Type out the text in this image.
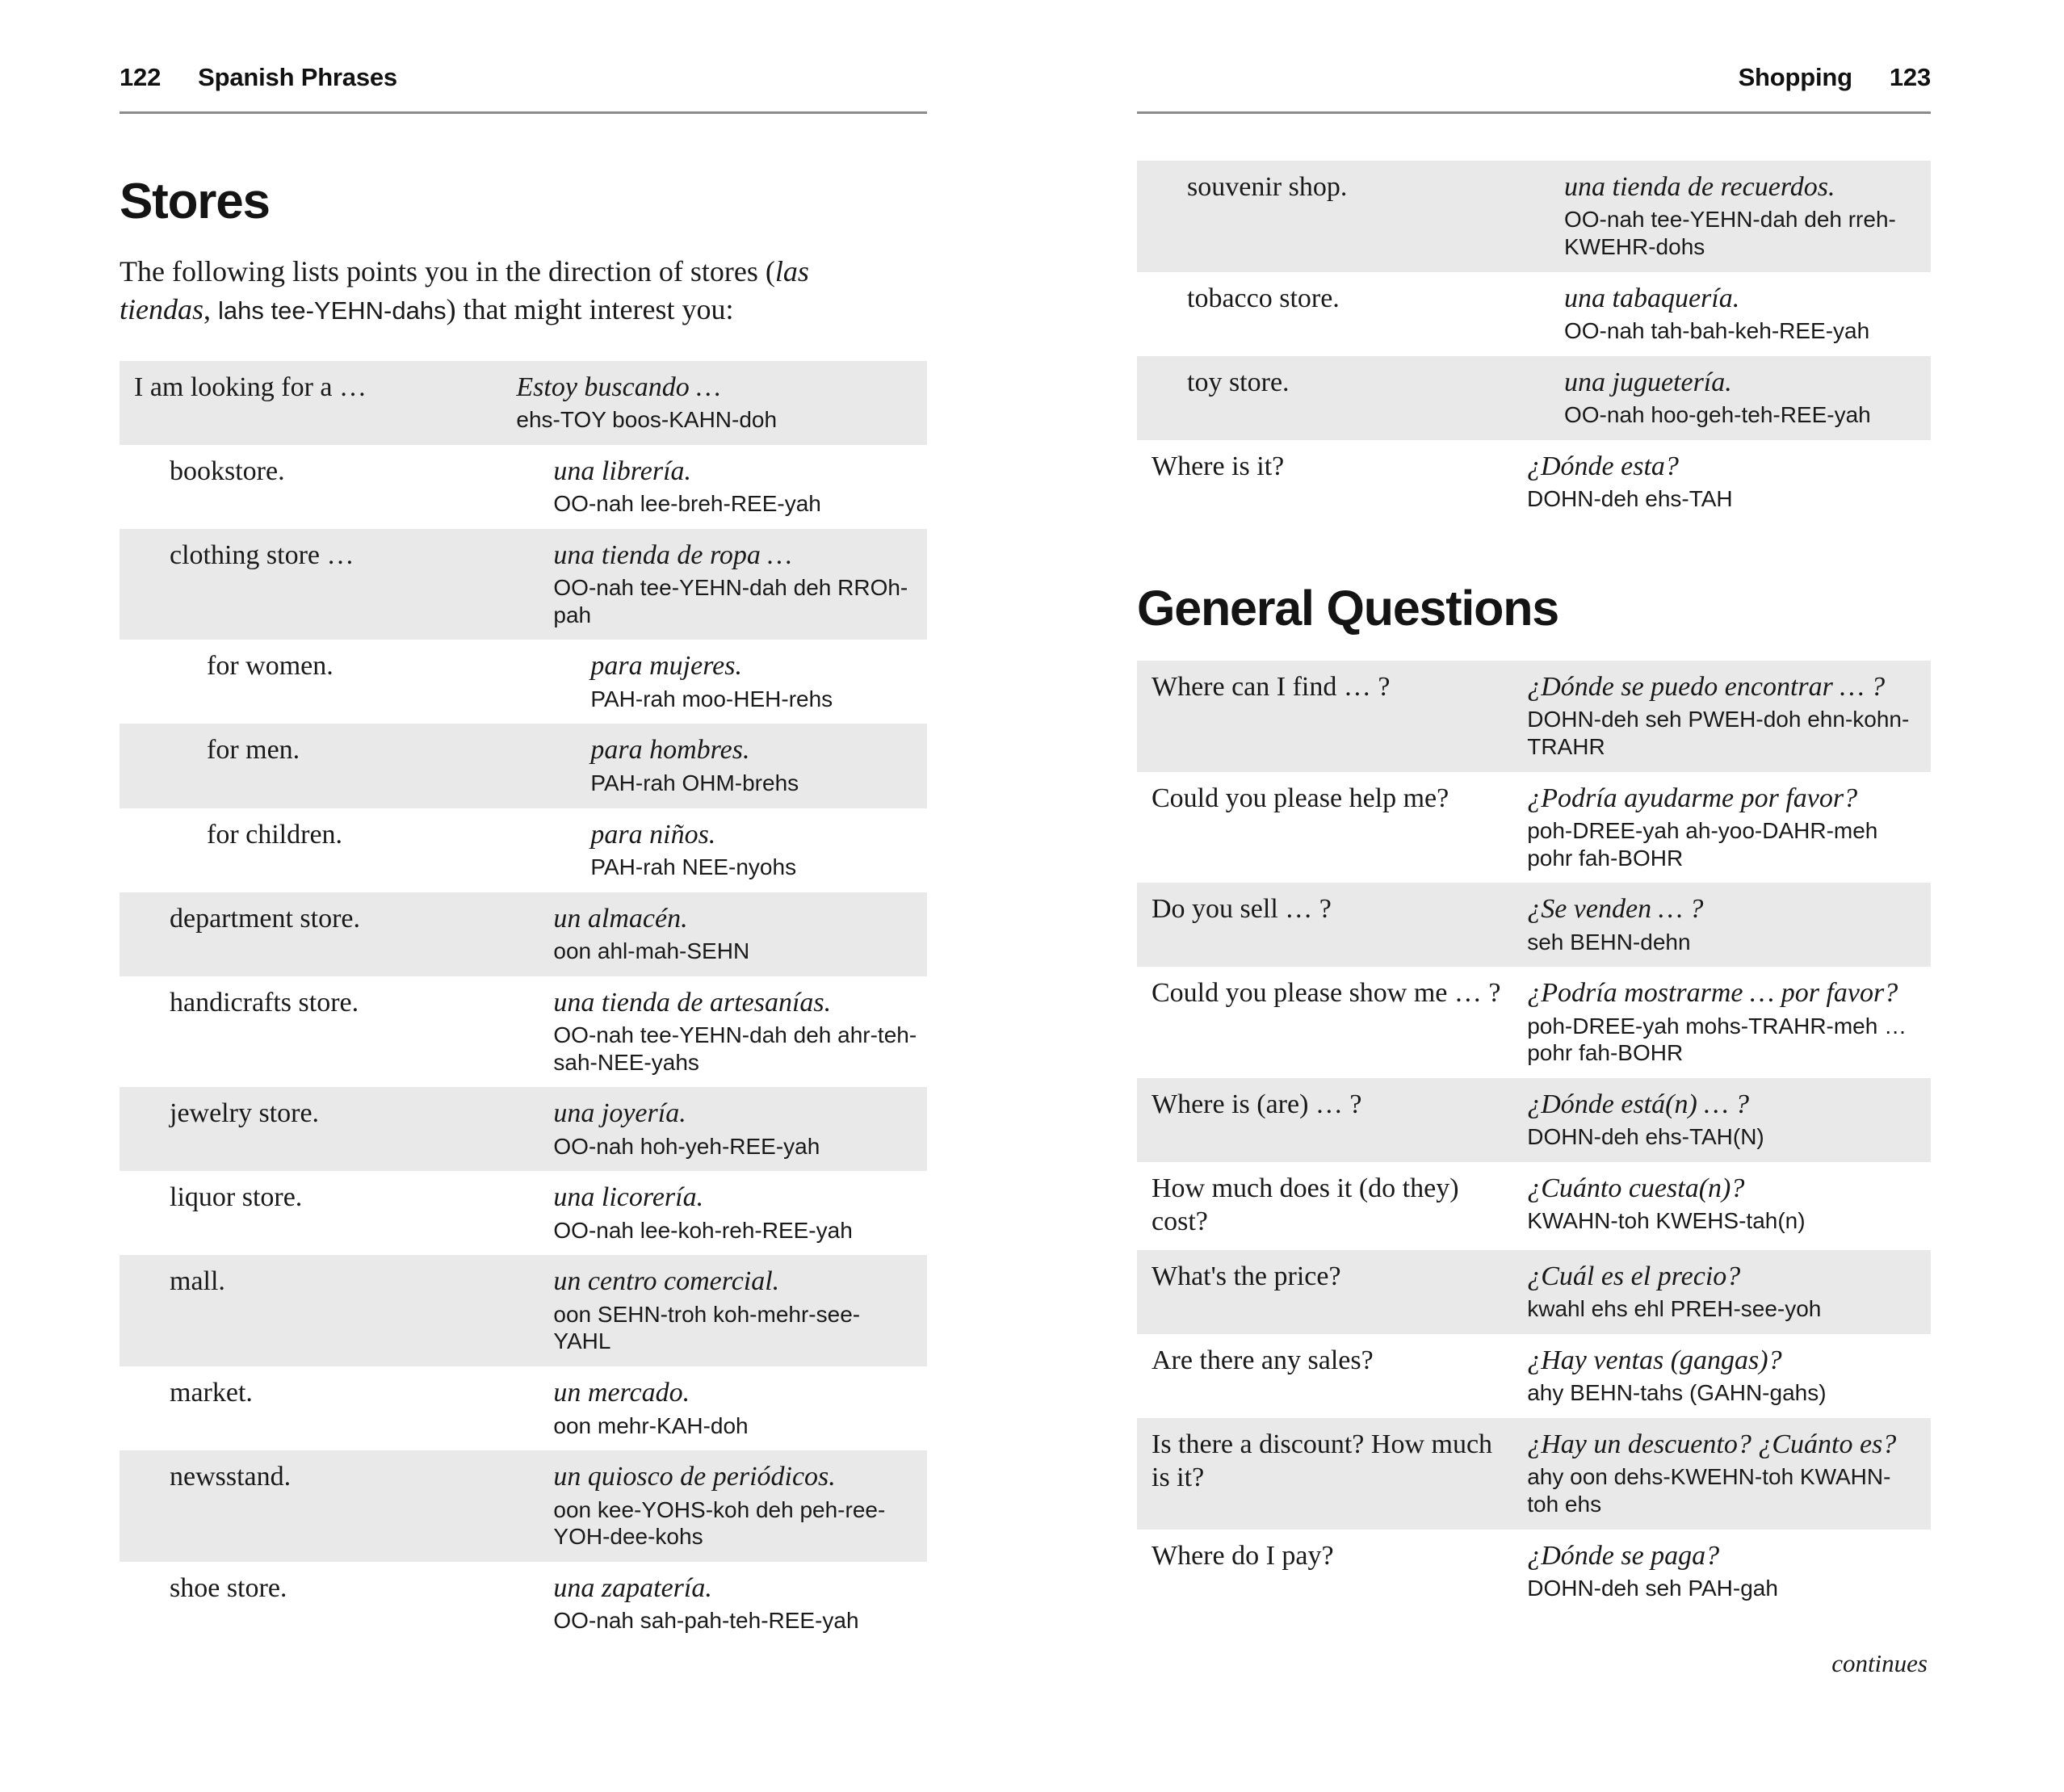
122 Spanish Phrases
Stores

The following lists points you in the direction of stores (las tiendas, lahs tee-YEHN-dahs) that might interest you:

I am looking for a …	Estoy buscando …
ehs-TOY boos-KAHN-doh

bookstore.	una librería.
OO-nah lee-breh-REE-yah

clothing store …	una tienda de ropa …
OO-nah tee-YEHN-dah deh RROh-pah

for women.	para mujeres.
PAH-rah moo-HEH-rehs

for men.	para hombres.
PAH-rah OHM-brehs

for children.	para niños.
PAH-rah NEE-nyohs

department store.	un almacén.
oon ahl-mah-SEHN

handicrafts store.	una tienda de artesanías.
OO-nah tee-YEHN-dah deh ahr-teh-sah-NEE-yahs

jewelry store.	una joyería.
OO-nah hoh-yeh-REE-yah

liquor store.	una licorería.
OO-nah lee-koh-reh-REE-yah

mall.	un centro comercial.
oon SEHN-troh koh-mehr-see-YAHL

market.	un mercado.
oon mehr-KAH-doh

newsstand.	un quiosco de periódicos.
oon kee-YOHS-koh deh peh-ree-YOH-dee-kohs

shoe store.	una zapatería.
OO-nah sah-pah-teh-REE-yah
Shopping 123
souvenir shop.	una tienda de recuerdos.
OO-nah tee-YEHN-dah deh rreh-KWEHR-dohs

tobacco store.	una tabaquería.
OO-nah tah-bah-keh-REE-yah

toy store.	una juguetería.
OO-nah hoo-geh-teh-REE-yah

Where is it?	¿Dónde esta?
DOHN-deh ehs-TAH
General Questions
Where can I find … ?	¿Dónde se puedo encontrar … ?
DOHN-deh seh PWEH-doh ehn-kohn-TRAHR

Could you please help me?	¿Podría ayudarme por favor?
poh-DREE-yah ah-yoo-DAHR-meh pohr fah-BOHR

Do you sell … ?	¿Se venden … ?
seh BEHN-dehn

Could you please show me … ?	¿Podría mostrarme … por favor?
poh-DREE-yah mohs-TRAHR-meh … pohr fah-BOHR

Where is (are) … ?	¿Dónde está(n) … ?
DOHN-deh ehs-TAH(N)

How much does it (do they) cost?	¿Cuánto cuesta(n)?
KWAHN-toh KWEHS-tah(n)

What's the price?	¿Cuál es el precio?
kwahl ehs ehl PREH-see-yoh

Are there any sales?	¿Hay ventas (gangas)?
ahy BEHN-tahs (GAHN-gahs)

Is there a discount? How much is it?	¿Hay un descuento? ¿Cuánto es?
ahy oon dehs-KWEHN-toh KWAHN-toh ehs

Where do I pay?	¿Dónde se paga?
DOHN-deh seh PAH-gah
continues
